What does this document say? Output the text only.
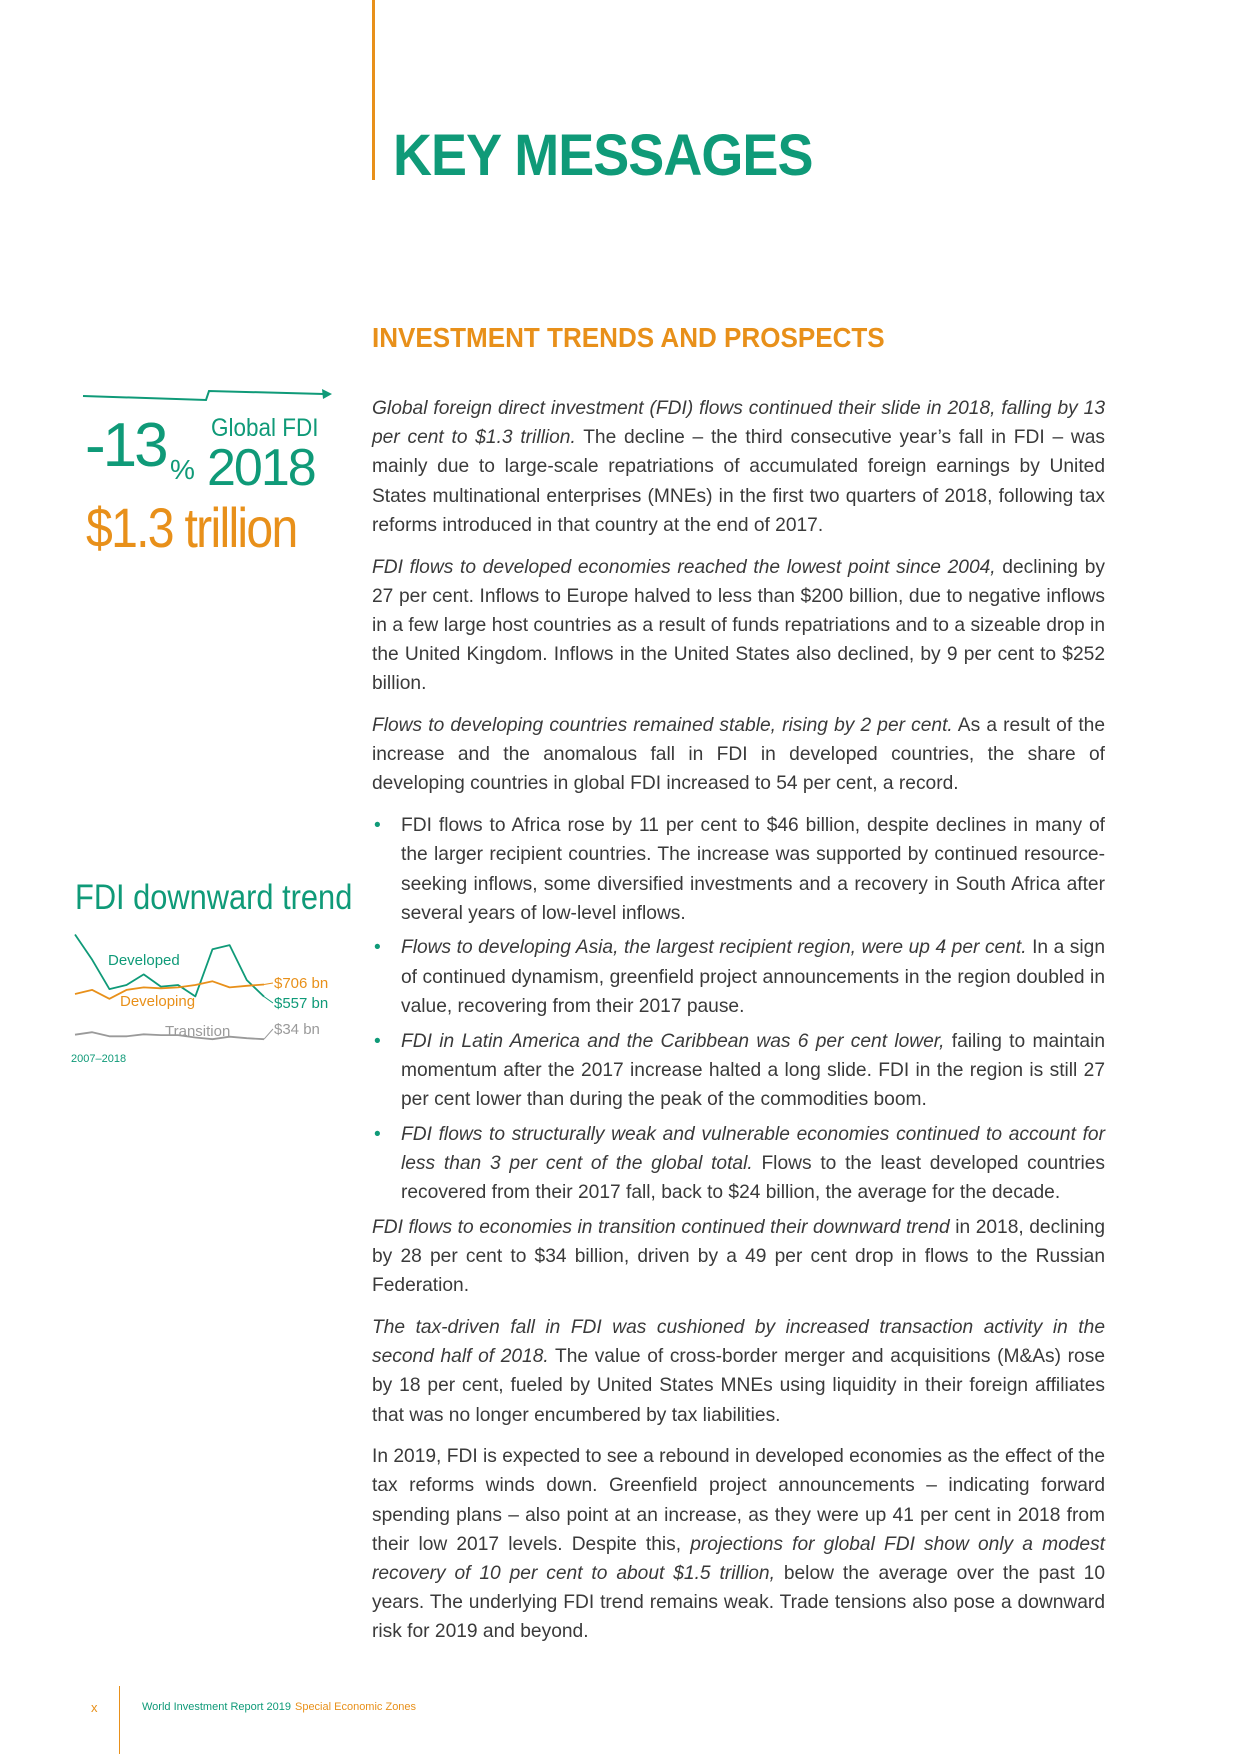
KEY MESSAGES
INVESTMENT TRENDS AND PROSPECTS
-13 %
Global FDI
2018
$1.3 trillion
FDI downward trend
$557 bn
Developed
$706 bn
Developing
$34 bn
Transition
2007–2018

Global foreign direct investment (FDI) flows continued their slide in 2018, falling by 13 per cent to $1.3 trillion. The decline – the third consecutive year’s fall in FDI – was mainly due to large-scale repatriations of accumulated foreign earnings by United States multinational enterprises (MNEs) in the first two quarters of 2018, following tax reforms introduced in that country at the end of 2017.

FDI flows to developed economies reached the lowest point since 2004, declining by 27 per cent. Inflows to Europe halved to less than $200 billion, due to negative inflows in a few large host countries as a result of funds repatriations and to a sizeable drop in the United Kingdom. Inflows in the United States also declined, by 9 per cent to $252 billion.

Flows to developing countries remained stable, rising by 2 per cent. As a result of the increase and the anomalous fall in FDI in developed countries, the share of developing countries in global FDI increased to 54 per cent, a record.

• FDI flows to Africa rose by 11 per cent to $46 billion, despite declines in many of the larger recipient countries. The increase was supported by continued resource-seeking inflows, some diversified investments and a recovery in South Africa after several years of low-level inflows.
• Flows to developing Asia, the largest recipient region, were up 4 per cent. In a sign of continued dynamism, greenfield project announcements in the region doubled in value, recovering from their 2017 pause.
• FDI in Latin America and the Caribbean was 6 per cent lower, failing to maintain momentum after the 2017 increase halted a long slide. FDI in the region is still 27 per cent lower than during the peak of the commodities boom.
• FDI flows to structurally weak and vulnerable economies continued to account for less than 3 per cent of the global total. Flows to the least developed countries recovered from their 2017 fall, back to $24 billion, the average for the decade.

FDI flows to economies in transition continued their downward trend in 2018, declining by 28 per cent to $34 billion, driven by a 49 per cent drop in flows to the Russian Federation.

The tax-driven fall in FDI was cushioned by increased transaction activity in the second half of 2018. The value of cross-border merger and acquisitions (M&As) rose by 18 per cent, fueled by United States MNEs using liquidity in their foreign affiliates that was no longer encumbered by tax liabilities.

In 2019, FDI is expected to see a rebound in developed economies as the effect of the tax reforms winds down. Greenfield project announcements – indicating forward spending plans – also point at an increase, as they were up 41 per cent in 2018 from their low 2017 levels. Despite this, projections for global FDI show only a modest recovery of 10 per cent to about $1.5 trillion, below the average over the past 10 years. The underlying FDI trend remains weak. Trade tensions also pose a downward risk for 2019 and beyond.

x	World Investment Report 2019 Special Economic Zones
